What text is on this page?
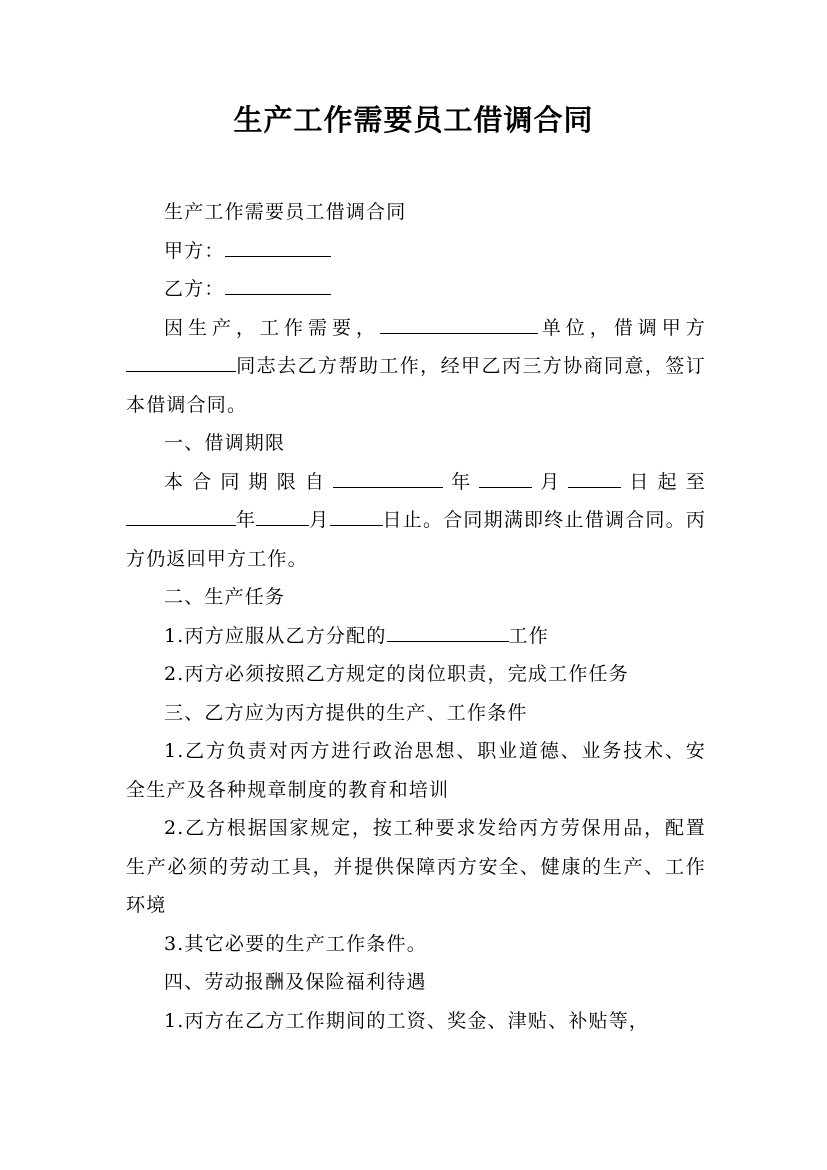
生产工作需要员工借调合同

生产工作需要员工借调合同

甲方：

乙方：

因生产，工作需要，	单位，借调甲方同志去乙方帮助工作，经甲乙丙三方协商同意，签订本借调合同。

一、借调期限

本合同期限自	年	月	日起至年	月	日止。合同期满即终止借调合同。丙方仍返回甲方工作。

二、生产任务

1.丙方应服从乙方分配的	工作

2.丙方必须按照乙方规定的岗位职责，完成工作任务

三、乙方应为丙方提供的生产、工作条件

1.乙方负责对丙方进行政治思想、职业道德、业务技术、安全生产及各种规章制度的教育和培训

2.乙方根据国家规定，按工种要求发给丙方劳保用品，配置生产必须的劳动工具，并提供保障丙方安全、健康的生产、工作环境

3.其它必要的生产工作条件。

四、劳动报酬及保险福利待遇

1.丙方在乙方工作期间的工资、奖金、津贴、补贴等，
